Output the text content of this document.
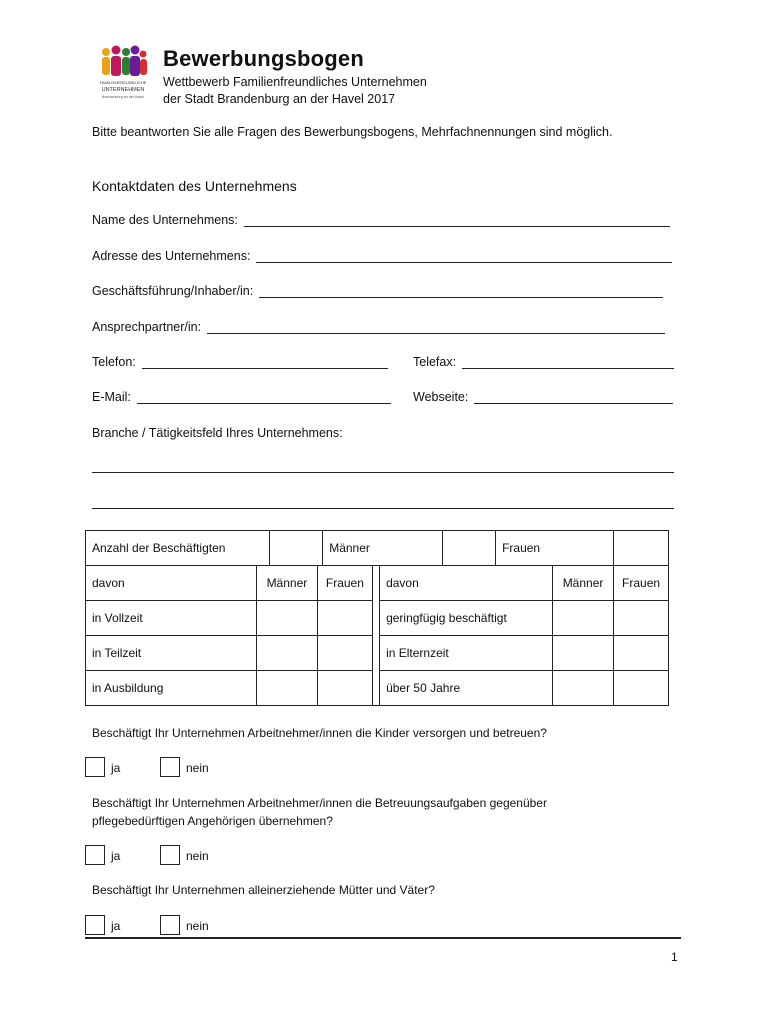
FAMILIENFREUNDLICHE
UNTERNEHMEN
Brandenburg an der Havel
Bewerbungsbogen
Wettbewerb Familienfreundliches Unternehmen
der Stadt Brandenburg an der Havel 2017
Bitte beantworten Sie alle Fragen des Bewerbungsbogens, Mehrfachnennungen sind möglich.
Kontaktdaten des Unternehmens
Name des Unternehmens:
Adresse des Unternehmens:
Geschäftsführung/Inhaber/in:
Ansprechpartner/in:
Telefon:	Telefax:
E-Mail:	Webseite:
Branche / Tätigkeitsfeld Ihres Unternehmens:
Anzahl der Beschäftigten		Männer		Frauen	
davon	Männer	Frauen		davon	Männer	Frauen
in Vollzeit				geringfügig beschäftigt		
in Teilzeit				in Elternzeit		
in Ausbildung				über 50 Jahre		
Beschäftigt Ihr Unternehmen Arbeitnehmer/innen die Kinder versorgen und betreuen?
ja	nein
Beschäftigt Ihr Unternehmen Arbeitnehmer/innen die Betreuungsaufgaben gegenüber pflegebedürftigen Angehörigen übernehmen?
ja	nein
Beschäftigt Ihr Unternehmen alleinerziehende Mütter und Väter?
ja	nein
1
